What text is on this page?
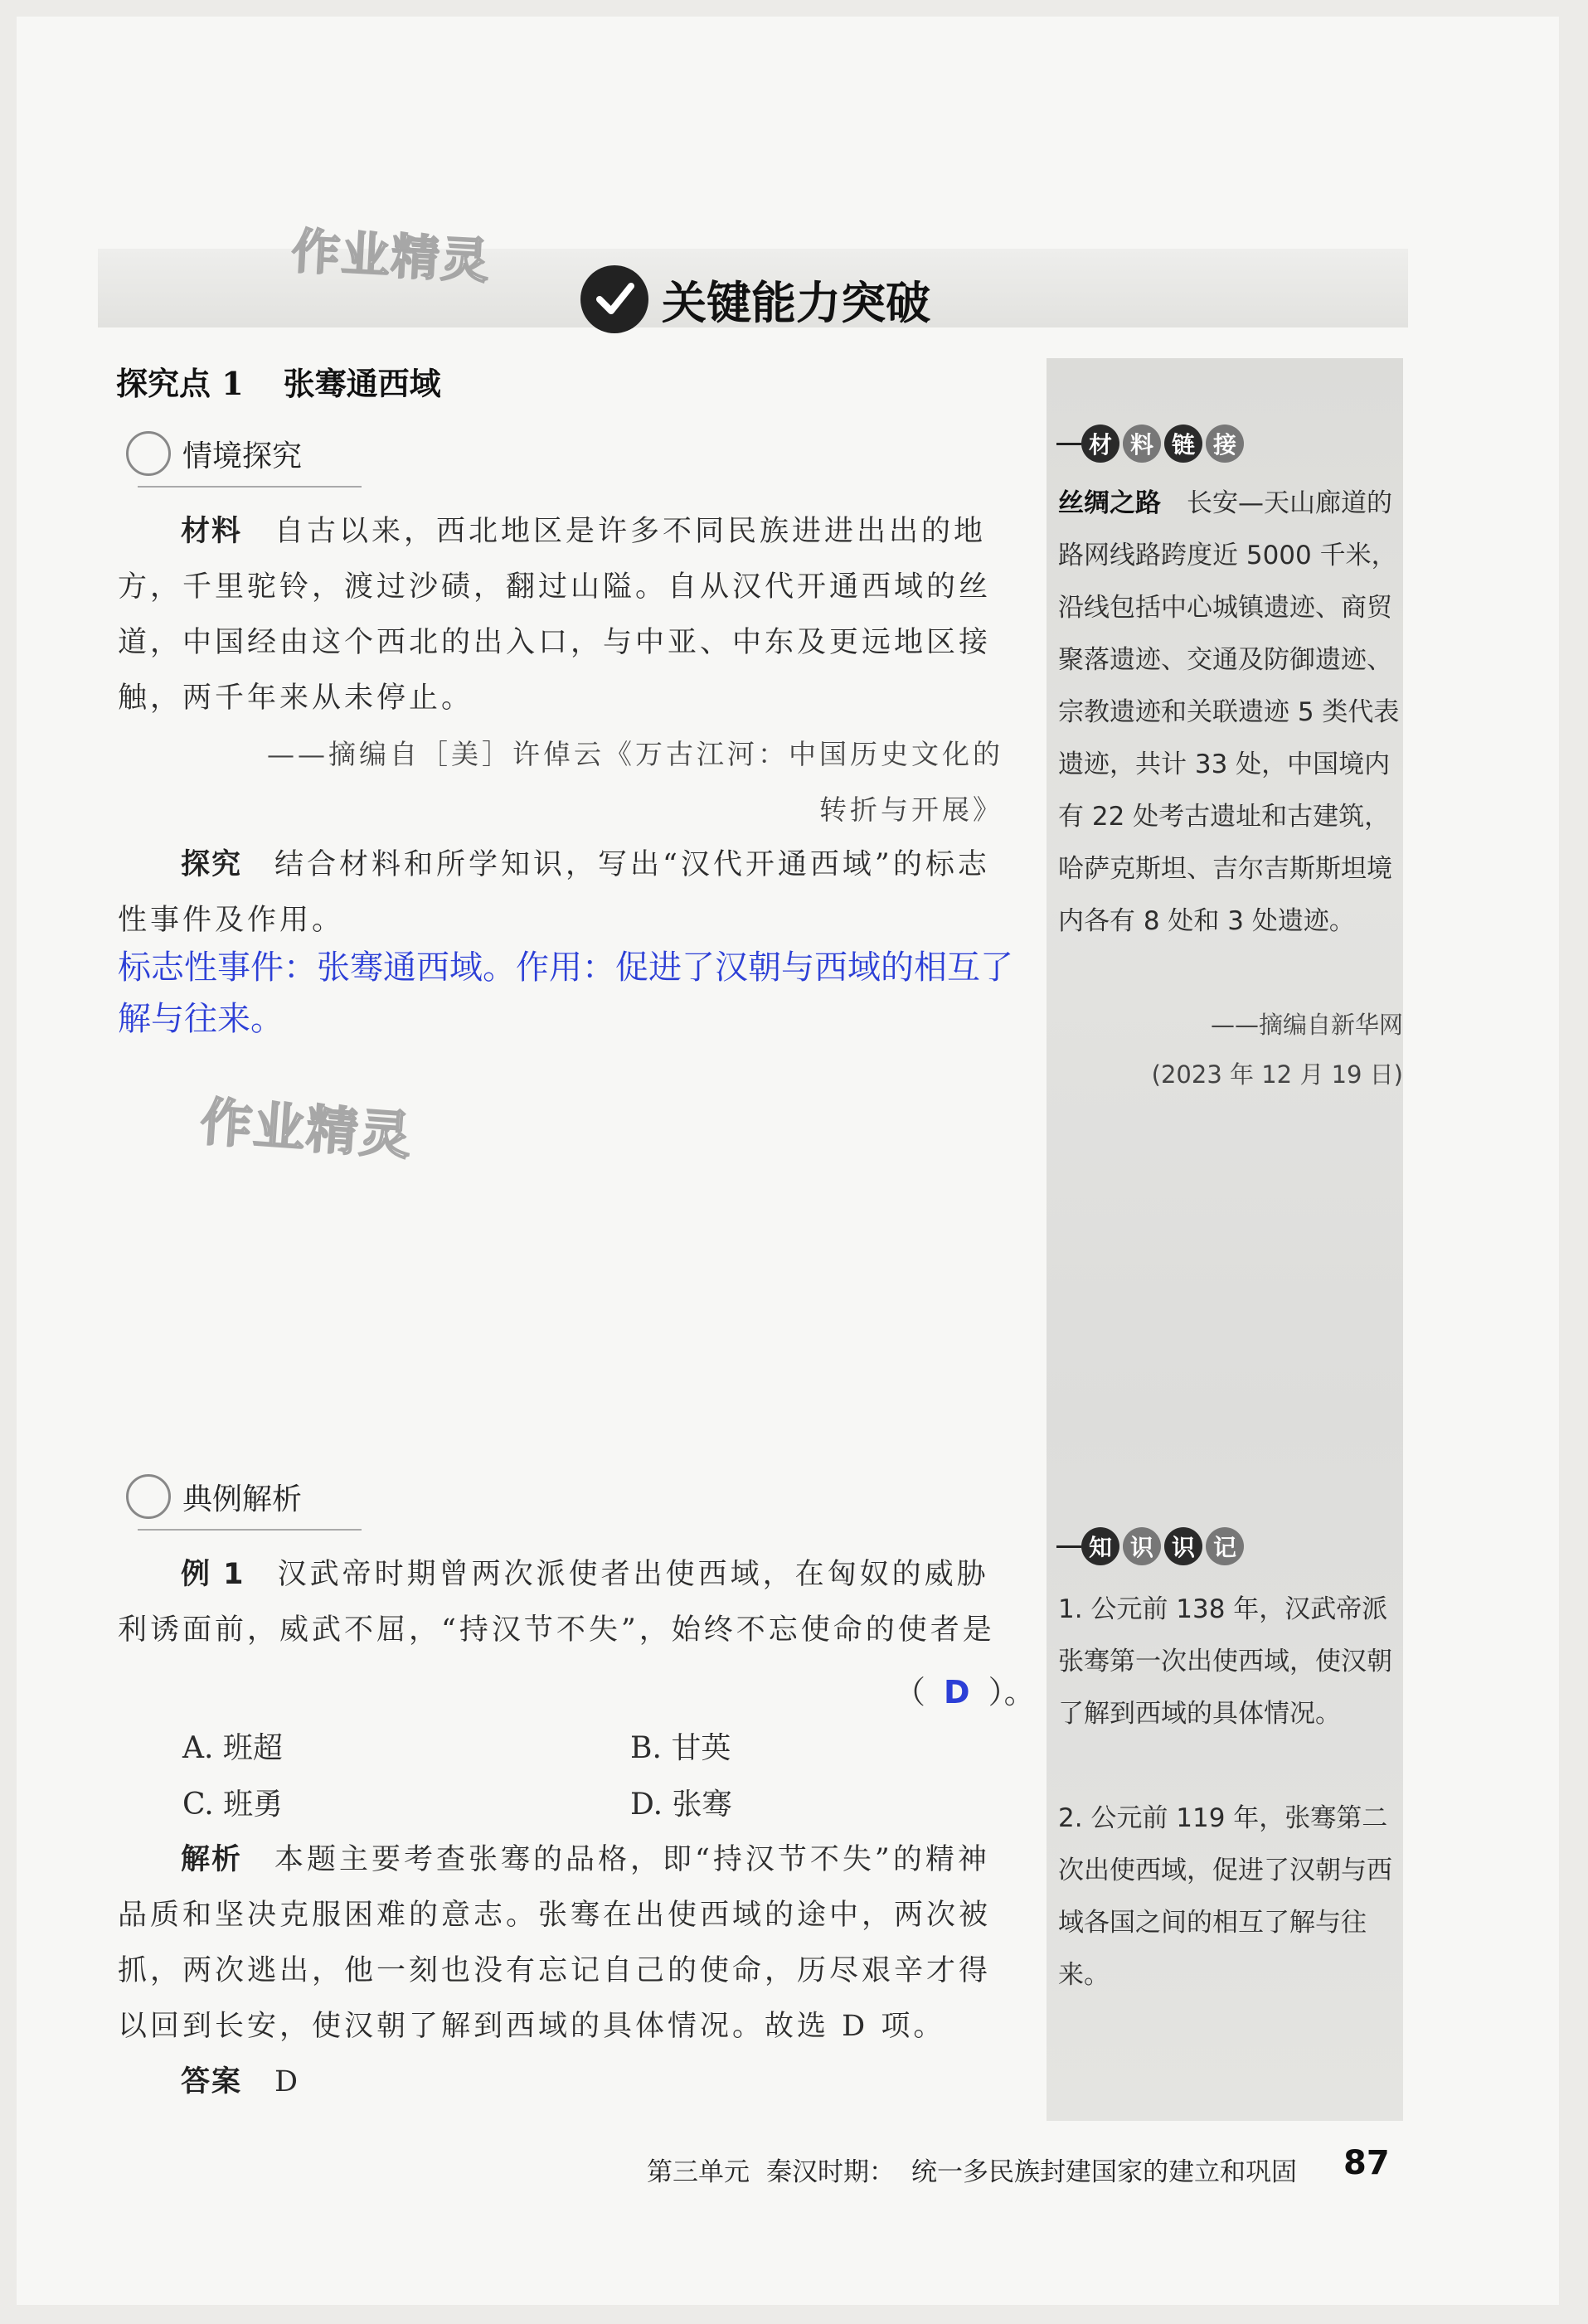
作业精灵
作业精灵
关键能力突破
探究点 1 张骞通西域
情境探究
材料　 自古以来，西北地区是许多不同民族进进出出的地方，千里驼铃，渡过沙碛，翻过山隘。自从汉代开通西域的丝道，中国经由这个西北的出入口，与中亚、中东及更远地区接触，两千年来从未停止。
——摘编自［美］许倬云《万古江河：中国历史文化的
转折与开展》
探究　 结合材料和所学知识，写出“汉代开通西域”的标志性事件及作用。
标志性事件：张骞通西域。作用：促进了汉朝与西域的相互了解与往来。
典例解析
例 1　 汉武帝时期曾两次派使者出使西域，在匈奴的威胁利诱面前，威武不屈，“持汉节不失”，始终不忘使命的使者是
（ D ）。
A. 班超	B. 甘英
C. 班勇	D. 张骞
解析　 本题主要考查张骞的品格，即“持汉节不失”的精神品质和坚决克服困难的意志。张骞在出使西域的途中，两次被抓，两次逃出，他一刻也没有忘记自己的使命，历尽艰辛才得以回到长安，使汉朝了解到西域的具体情况。故选 D 项。
答案　 D
材 料 链 接
丝绸之路　 长安—天山廊道的路网线路跨度近 5000 千米，沿线包括中心城镇遗迹、商贸聚落遗迹、交通及防御遗迹、宗教遗迹和关联遗迹 5 类代表遗迹，共计 33 处，中国境内有 22 处考古遗址和古建筑，哈萨克斯坦、吉尔吉斯斯坦境内各有 8 处和 3 处遗迹。
——摘编自新华网
(2023 年 12 月 19 日)
知 识 识 记
1. 公元前 138 年，汉武帝派张骞第一次出使西域，使汉朝了解到西域的具体情况。
2. 公元前 119 年，张骞第二次出使西域，促进了汉朝与西域各国之间的相互了解与往来。
第三单元 秦汉时期： 统一多民族封建国家的建立和巩固	87
